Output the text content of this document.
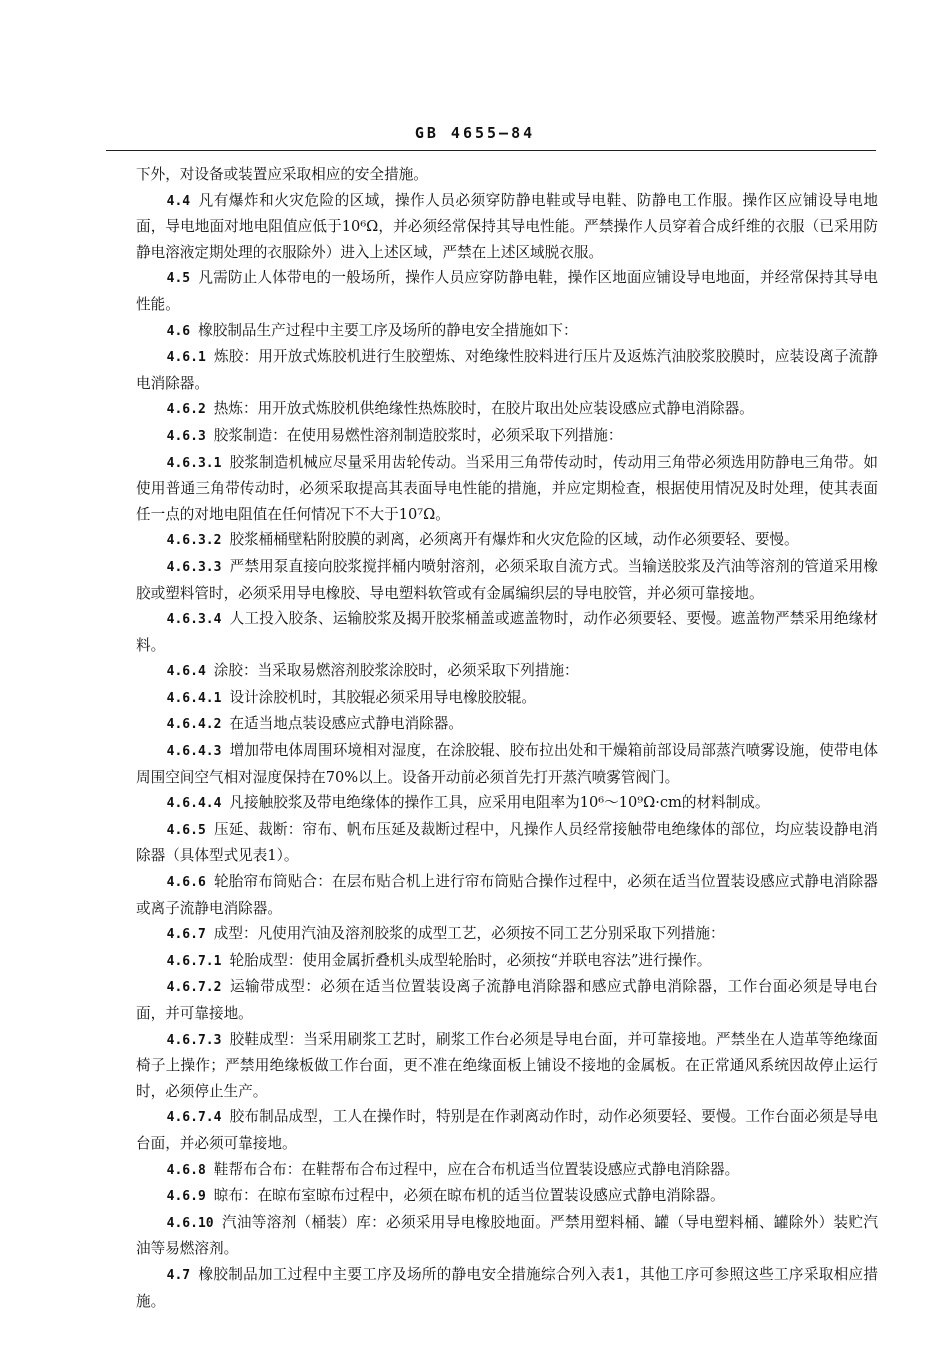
GB 4655—84

下外，对设备或装置应采取相应的安全措施。

4.4 凡有爆炸和火灾危险的区域，操作人员必须穿防静电鞋或导电鞋、防静电工作服。操作区应铺设导电地面，导电地面对地电阻值应低于10⁶Ω，并必须经常保持其导电性能。严禁操作人员穿着合成纤维的衣服（已采用防静电溶液定期处理的衣服除外）进入上述区域，严禁在上述区域脱衣服。

4.5 凡需防止人体带电的一般场所，操作人员应穿防静电鞋，操作区地面应铺设导电地面，并经常保持其导电性能。

4.6 橡胶制品生产过程中主要工序及场所的静电安全措施如下：

4.6.1 炼胶：用开放式炼胶机进行生胶塑炼、对绝缘性胶料进行压片及返炼汽油胶浆胶膜时，应装设离子流静电消除器。

4.6.2 热炼：用开放式炼胶机供绝缘性热炼胶时，在胶片取出处应装设感应式静电消除器。

4.6.3 胶浆制造：在使用易燃性溶剂制造胶浆时，必须采取下列措施：

4.6.3.1 胶浆制造机械应尽量采用齿轮传动。当采用三角带传动时，传动用三角带必须选用防静电三角带。如使用普通三角带传动时，必须采取提高其表面导电性能的措施，并应定期检查，根据使用情况及时处理，使其表面任一点的对地电阻值在任何情况下不大于10⁷Ω。

4.6.3.2 胶浆桶桶壁粘附胶膜的剥离，必须离开有爆炸和火灾危险的区域，动作必须要轻、要慢。

4.6.3.3 严禁用泵直接向胶浆搅拌桶内喷射溶剂，必须采取自流方式。当输送胶浆及汽油等溶剂的管道采用橡胶或塑料管时，必须采用导电橡胶、导电塑料软管或有金属编织层的导电胶管，并必须可靠接地。

4.6.3.4 人工投入胶条、运输胶浆及揭开胶浆桶盖或遮盖物时，动作必须要轻、要慢。遮盖物严禁采用绝缘材料。

4.6.4 涂胶：当采取易燃溶剂胶浆涂胶时，必须采取下列措施：

4.6.4.1 设计涂胶机时，其胶辊必须采用导电橡胶胶辊。

4.6.4.2 在适当地点装设感应式静电消除器。

4.6.4.3 增加带电体周围环境相对湿度，在涂胶辊、胶布拉出处和干燥箱前部设局部蒸汽喷雾设施，使带电体周围空间空气相对湿度保持在70%以上。设备开动前必须首先打开蒸汽喷雾管阀门。

4.6.4.4 凡接触胶浆及带电绝缘体的操作工具，应采用电阻率为10⁶～10⁹Ω·cm的材料制成。

4.6.5 压延、裁断：帘布、帆布压延及裁断过程中，凡操作人员经常接触带电绝缘体的部位，均应装设静电消除器（具体型式见表1）。

4.6.6 轮胎帘布筒贴合：在层布贴合机上进行帘布筒贴合操作过程中，必须在适当位置装设感应式静电消除器或离子流静电消除器。

4.6.7 成型：凡使用汽油及溶剂胶浆的成型工艺，必须按不同工艺分别采取下列措施：

4.6.7.1 轮胎成型：使用金属折叠机头成型轮胎时，必须按“并联电容法”进行操作。

4.6.7.2 运输带成型：必须在适当位置装设离子流静电消除器和感应式静电消除器，工作台面必须是导电台面，并可靠接地。

4.6.7.3 胶鞋成型：当采用刷浆工艺时，刷浆工作台必须是导电台面，并可靠接地。严禁坐在人造革等绝缘面椅子上操作；严禁用绝缘板做工作台面，更不准在绝缘面板上铺设不接地的金属板。在正常通风系统因故停止运行时，必须停止生产。

4.6.7.4 胶布制品成型，工人在操作时，特别是在作剥离动作时，动作必须要轻、要慢。工作台面必须是导电台面，并必须可靠接地。

4.6.8 鞋帮布合布：在鞋帮布合布过程中，应在合布机适当位置装设感应式静电消除器。

4.6.9 晾布：在晾布室晾布过程中，必须在晾布机的适当位置装设感应式静电消除器。

4.6.10 汽油等溶剂（桶装）库：必须采用导电橡胶地面。严禁用塑料桶、罐（导电塑料桶、罐除外）装贮汽油等易燃溶剂。

4.7 橡胶制品加工过程中主要工序及场所的静电安全措施综合列入表1，其他工序可参照这些工序采取相应措施。
